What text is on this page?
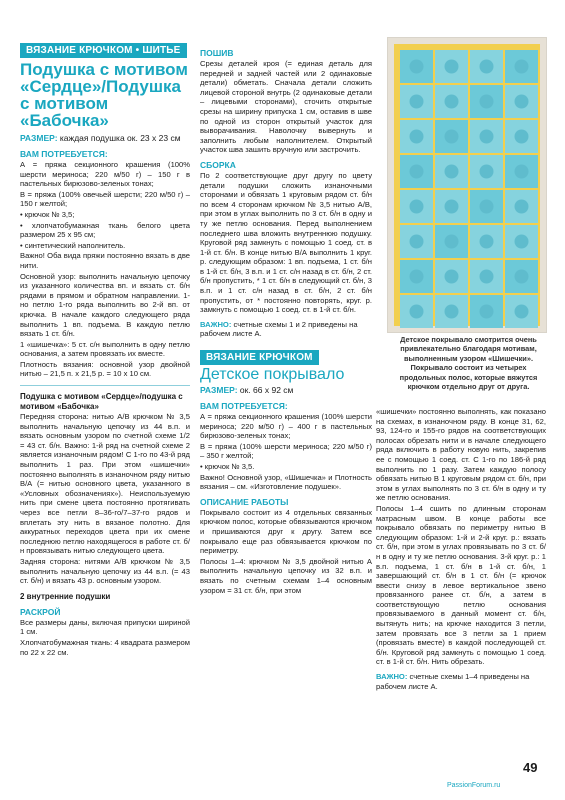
ВЯЗАНИЕ КРЮЧКОМ • ШИТЬЕ
Подушка с мотивом «Сердце»/Подушка с мотивом «Бабочка»
РАЗМЕР: каждая подушка ок. 23 х 23 см
ВАМ ПОТРЕБУЕТСЯ:

А = пряжа секционного крашения (100% шерсти мериноса; 220 м/50 г) – 150 г в пастельных бирюзово-зеленых тонах;

В = пряжа (100% овечьей шерсти; 220 м/50 г) – 150 г желтой;

• крючок № 3,5;

• хлопчатобумажная ткань белого цвета размером 25 х 95 см;

• синтетический наполнитель.

Важно! Оба вида пряжи постоянно вязать в две нити.

Основной узор: выполнить начальную цепочку из указанного количества вп. и вязать ст. б/н рядами в прямом и обратном направлении. 1-но петлю 1-го ряда выполнить во 2-й вп. от крючка. В начале каждого следующего ряда выполнить 1 вп. подъема. В каждую петлю вязать 1 ст. б/н.

1 «шишечка»: 5 ст. с/н выполнить в одну петлю основания, а затем провязать их вместе.

Плотность вязания: основной узор двойной нитью – 21,5 п. х 21,5 р. = 10 х 10 см.

Подушка с мотивом «Сердце»/подушка с мотивом «Бабочка»

Передняя сторона: нитью А/В крючком № 3,5 выполнить начальную цепочку из 44 в.п. и вязать основным узором по счетной схеме 1/2 = 43 ст. б/н. Важно: 1-й ряд на счетной схеме 2 является изнаночным рядом! С 1-го по 43-й ряд выполнить 1 раз. При этом «шишечки» постоянно выполнять в изнаночном ряду нитью В/А (= нитью основного цвета, указанного в «Условных обозначениях»). Неиспользуемую нить при смене цвета постоянно протягивать через все петли 8–36-го/7–37-го рядов и вплетать эту нить в вязаное полотно. Для аккуратных переходов цвета при их смене последнюю петлю находящегося в работе ст. б/н провязывать нитью следующего цвета.

Задняя сторона: нитями А/В крючком № 3,5 выполнить начальную цепочку из 44 в.п. (= 43 ст. б/н) и вязать 43 р. основным узором.

2 внутренние подушки
РАСКРОЙ

Все размеры даны, включая припуски шириной 1 см.

Хлопчатобумажная ткань: 4 квадрата размером по 22 х 22 см.

ПОШИВ

Срезы деталей кроя (= единая деталь для передней и задней частей или 2 одинаковые детали) обметать. Сначала детали сложить лицевой стороной внутрь (2 одинаковые детали – лицевыми сторонами), сточить открытые срезы на ширину припуска 1 см, оставив в шве по одной из сторон открытый участок для выворачивания. Наволочку вывернуть и заполнить любым наполнителем. Открытый участок шва зашить вручную или застрочить.

СБОРКА

По 2 соответствующие друг другу по цвету детали подушки сложить изнаночными сторонами и обвязать 1 круговым рядом ст. б/н по всем 4 сторонам крючком № 3,5 нитью А/В, при этом в углах выполнить по 3 ст. б/н в одну и ту же петлю основания. Перед выполнением последнего шва вложить внутреннюю подушку. Круговой ряд замкнуть с помощью 1 соед. ст. в 1-й ст. б/н. В конце нитью В/А выполнить 1 круг. р. следующим образом: 1 вп. подъема, 1 ст. б/н в 1-й ст. б/н, 3 в.п. и 1 ст. с/н назад в ст. б/н, 2 ст. б/н пропустить, * 1 ст. б/н в следующий ст. б/н, 3 в.п. и 1 ст. с/н назад в ст. б/н, 2 ст. б/н пропустить, от * постоянно повторять, круг. р. замкнуть с помощью 1 соед. ст. в 1-й ст. б/н.

ВАЖНО: счетные схемы 1 и 2 приведены на рабочем листе А.
ВЯЗАНИЕ КРЮЧКОМ
Детское покрывало
РАЗМЕР: ок. 66 х 92 см
ВАМ ПОТРЕБУЕТСЯ:

А = пряжа секционного крашения (100% шерсти мериноса; 220 м/50 г) – 400 г в пастельных бирюзово-зеленых тонах;

В = пряжа (100% шерсти мериноса; 220 м/50 г) – 350 г желтой;

• крючок № 3,5.

Важно! Основной узор, «Шишечка» и Плотность вязания – см. «Изготовление подушек».

ОПИСАНИЕ РАБОТЫ

Покрывало состоит из 4 отдельных связанных крючком полос, которые обвязываются крючком и пришиваются друг к другу. Затем все покрывало еще раз обвязывается крючком по периметру.

Полосы 1–4: крючком № 3,5 двойной нитью А выполнить начальную цепочку из 32 в.п. и вязать по счетным схемам 1–4 основным узором = 31 ст. б/н, при этом

Детское покрывало смотрится очень привлекательно благодаря мотивам, выполненным узором «Шишечки». Покрывало состоит из четырех продольных полос, которые вяжутся крючком отдельно друг от друга.

«шишечки» постоянно выполнять, как показано на схемах, в изнаночном ряду. В конце 31, 62, 93, 124-го и 155-го рядов на соответствующих полосах обрезать нити и в начале следующего ряда включить в работу новую нить, закрепив ее с помощью 1 соед. ст. С 1-го по 186-й ряд выполнить по 1 разу. Затем каждую полосу обвязать нитью В 1 круговым рядом ст. б/н, при этом в углах выполнять по 3 ст. б/н в одну и ту же петлю основания.

Полосы 1–4 сшить по длинным сторонам матрасным швом. В конце работы все покрывало обвязать по периметру нитью В следующим образом: 1-й и 2-й круг. р.: вязать ст. б/н, при этом в углах провязывать по 3 ст. б/н в одну и ту же петлю основания. 3-й круг. р.: 1 в.п. подъема, 1 ст. б/н в 1-й ст. б/н, 1 завершающий ст. б/н в 1 ст. б/н (= крючок ввести снизу в левое вертикальное звено провязанного ранее ст. б/н, а затем в соответствующую петлю основания провязываемого в данный момент ст. б/н, вытянуть нить; на крючке находится 3 петли, затем провязать все 3 петли за 1 прием (провязать вместе) в каждой последующей ст. б/н. Круговой ряд замкнуть с помощью 1 соед. ст. в 1-й ст. б/н. Нить обрезать.

ВАЖНО: счетные схемы 1–4 приведены на рабочем листе А.
49
PassionForum.ru
